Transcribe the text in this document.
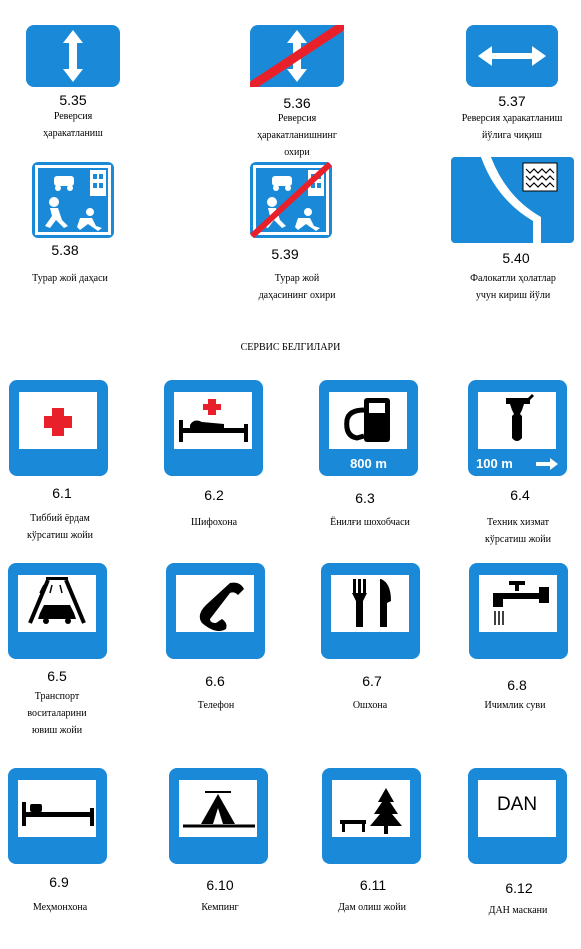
5.35
Реверсия
ҳаракатланиш
5.36
Реверсия
ҳаракатланишнинг
охири
5.37
Реверсия ҳаракатланиш
йўлига чиқиш
5.38
Турар жой даҳаси
5.39
Турар жой
даҳасининг охири
5.40
Фалокатли ҳолатлар
учун кириш йўли
СЕРВИС БЕЛГИЛАРИ
6.1
Тиббий ёрдам
кўрсатиш жойи
6.2
Шифохона
800 m
6.3
Ёнилғи шохобчаси
100 m
6.4
Техник хизмат
кўрсатиш жойи
6.5
Транспорт
воситаларини
ювиш жойи
6.6
Телефон
6.7
Ошхона
6.8
Ичимлик суви
6.9
Меҳмонхона
6.10
Кемпинг
6.11
Дам олиш жойи
DAN
6.12
ДАН маскани
